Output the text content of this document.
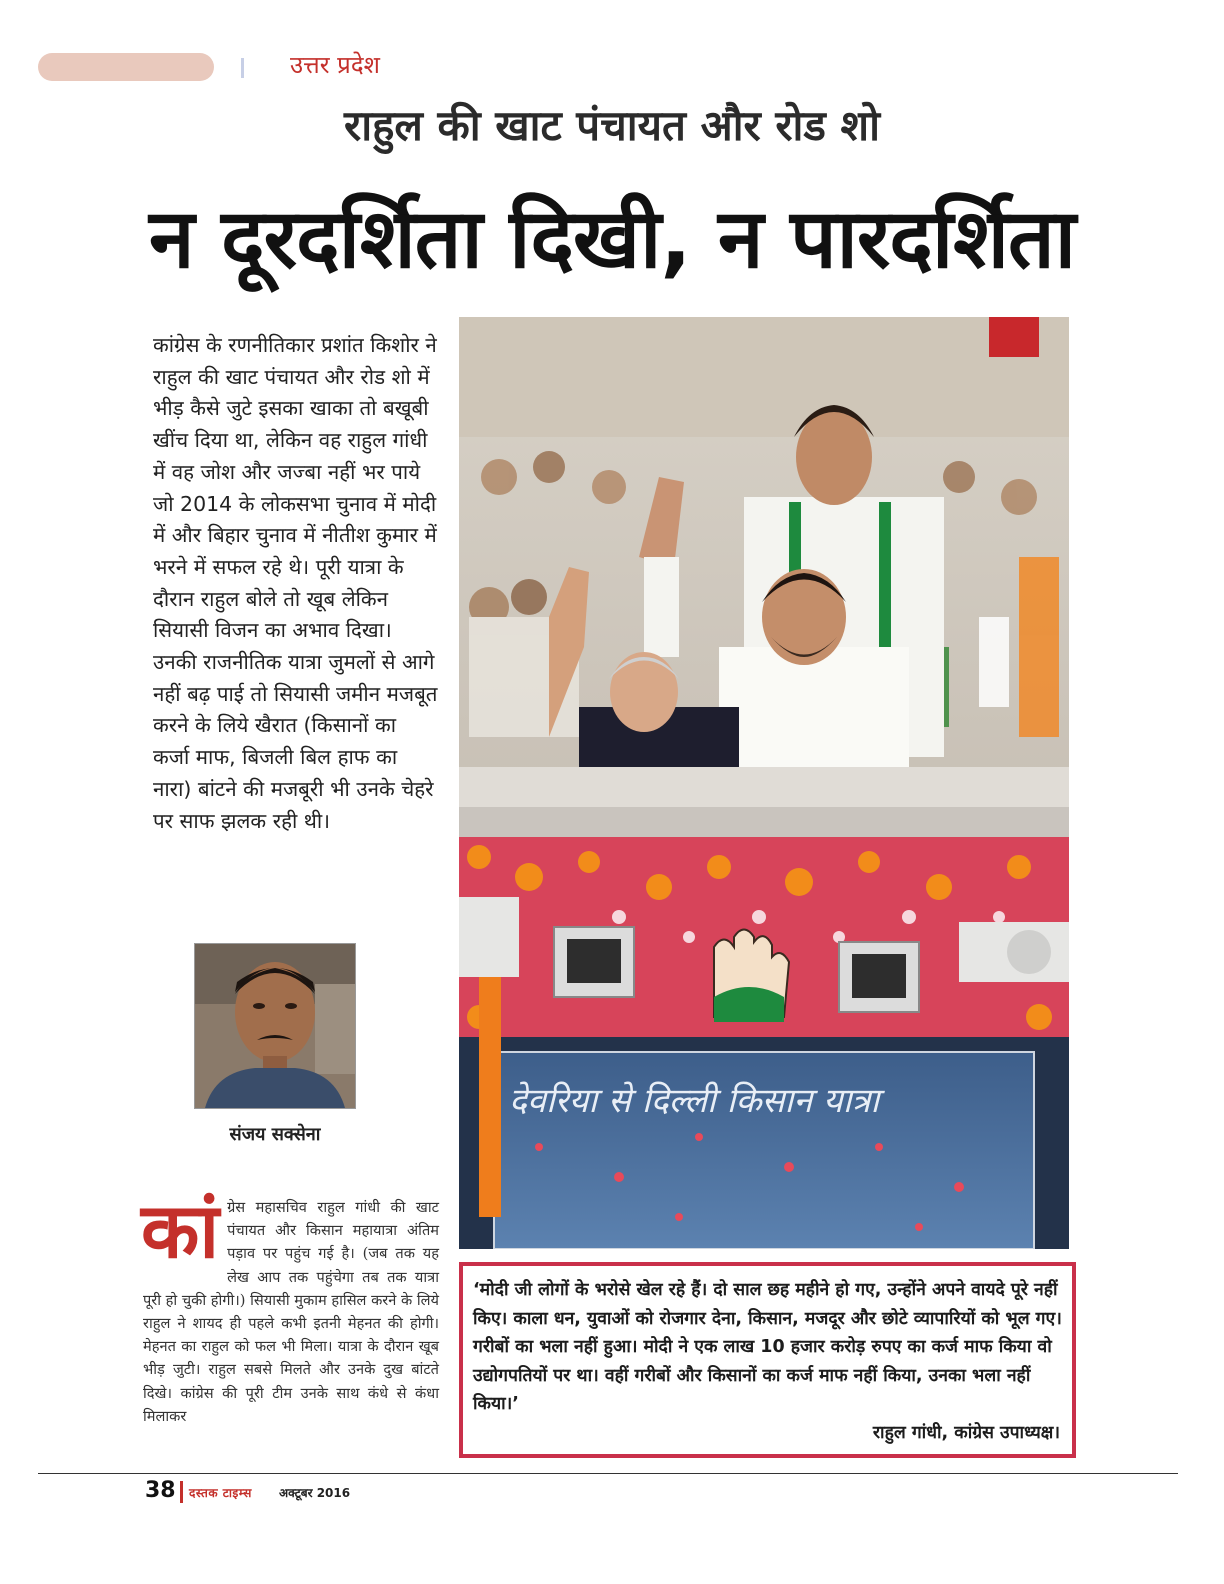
उत्तर प्रदेश
राहुल की खाट पंचायत और रोड शो
न दूरदर्शिता दिखी, न पारदर्शिता
कांग्रेस के रणनीतिकार प्रशांत किशोर ने राहुल की खाट पंचायत और रोड शो में भीड़ कैसे जुटे इसका खाका तो बखूबी खींच दिया था, लेकिन वह राहुल गांधी में वह जोश और जज्बा नहीं भर पाये जो 2014 के लोकसभा चुनाव में मोदी में और बिहार चुनाव में नीतीश कुमार में भरने में सफल रहे थे। पूरी यात्रा के दौरान राहुल बोले तो खूब लेकिन सियासी विजन का अभाव दिखा। उनकी राजनीतिक यात्रा जुमलों से आगे नहीं बढ़ पाई तो सियासी जमीन मजबूत करने के लिये खैरात (किसानों का कर्जा माफ, बिजली बिल हाफ का नारा) बांटने की मजबूरी भी उनके चेहरे पर साफ झलक रही थी।
संजय सक्सेना
कांग्रेस महासचिव राहुल गांधी की खाट पंचायत और किसान महायात्रा अंतिम पड़ाव पर पहुंच गई है। (जब तक यह लेख आप तक पहुंचेगा तब तक यात्रा पूरी हो चुकी होगी।) सियासी मुकाम हासिल करने के लिये राहुल ने शायद ही पहले कभी इतनी मेहनत की होगी। मेहनत का राहुल को फल भी मिला। यात्रा के दौरान खूब भीड़ जुटी। राहुल सबसे मिलते और उनके दुख बांटते दिखे। कांग्रेस की पूरी टीम उनके साथ कंधे से कंधा मिलाकर
देवरिया से दिल्ली किसान यात्रा
‘मोदी जी लोगों के भरोसे खेल रहे हैं। दो साल छह महीने हो गए, उन्होंने अपने वायदे पूरे नहीं किए। काला धन, युवाओं को रोजगार देना, किसान, मजदूर और छोटे व्यापारियों को भूल गए। गरीबों का भला नहीं हुआ। मोदी ने एक लाख 10 हजार करोड़ रुपए का कर्ज माफ किया वो उद्योगपतियों पर था। वहीं गरीबों और किसानों का कर्ज माफ नहीं किया, उनका भला नहीं किया।’
राहुल गांधी, कांग्रेस उपाध्यक्ष।
38 दस्तक टाइम्स अक्टूबर 2016
